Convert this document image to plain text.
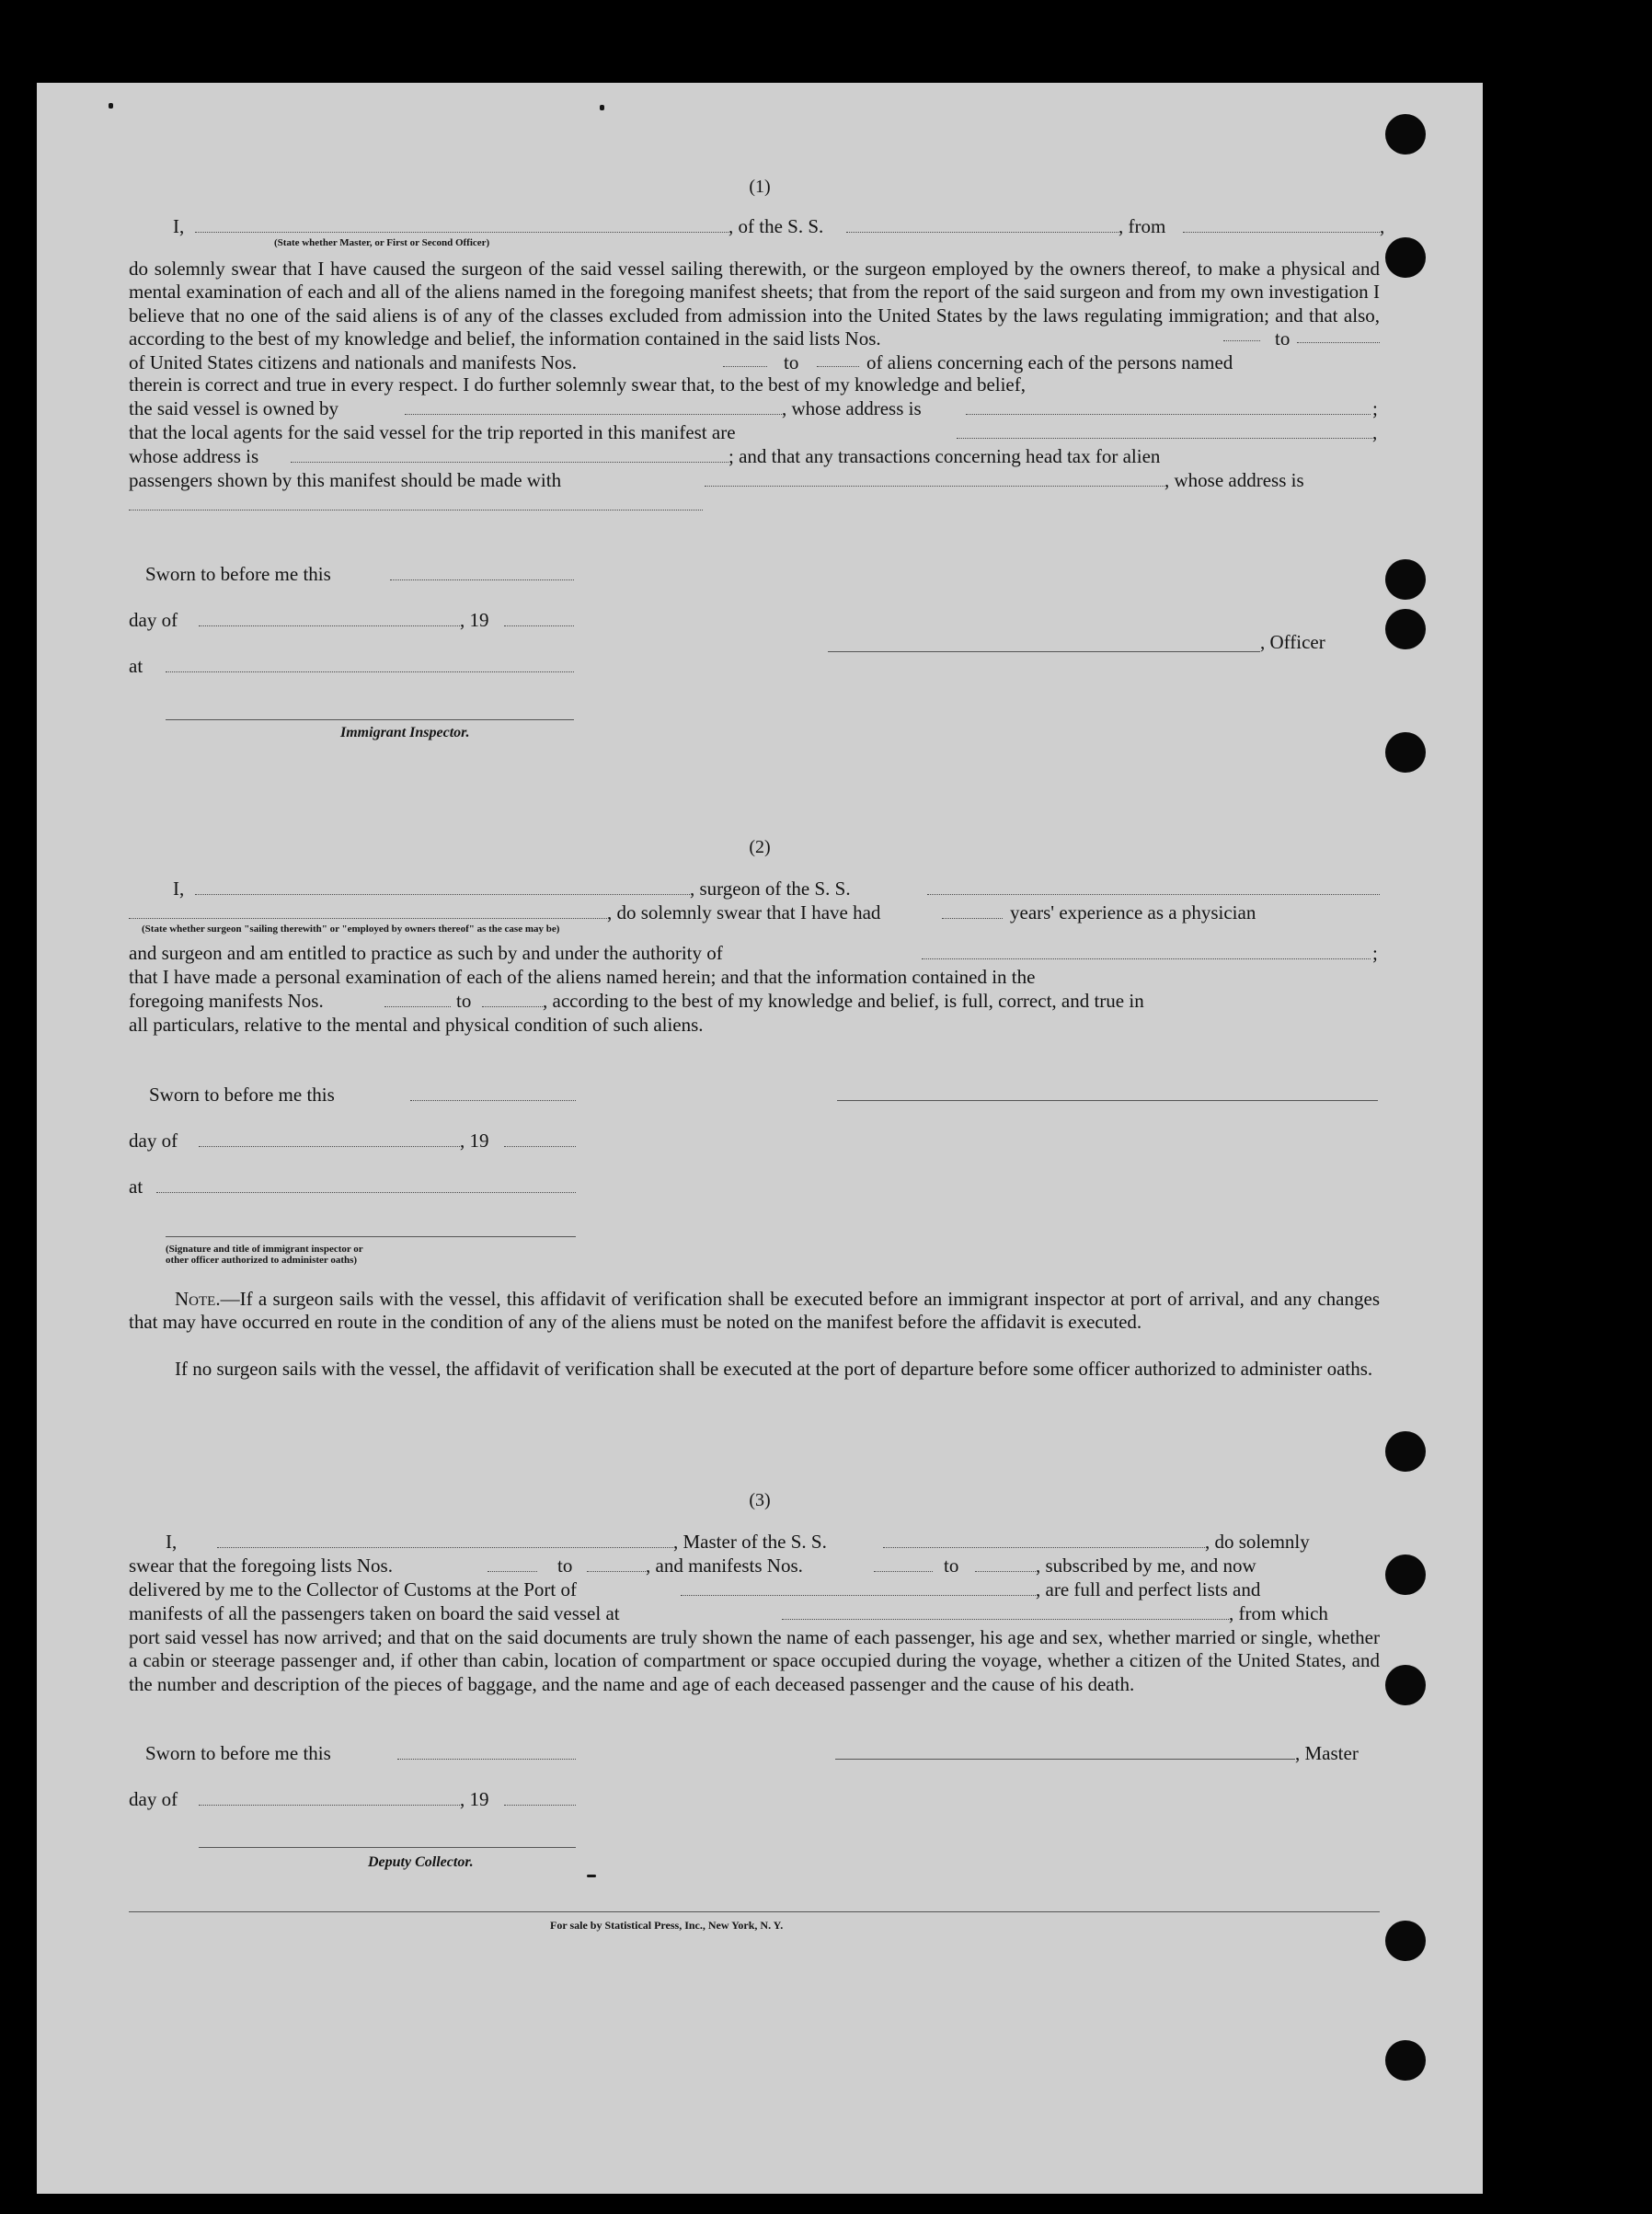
(1)
I,	, of the S. S.	, from	,
(State whether Master, or First or Second Officer)

do solemnly swear that I have caused the surgeon of the said vessel sailing therewith, or the surgeon employed by the owners thereof, to make a physical and mental examination of each and all of the aliens named in the foregoing manifest sheets; that from the report of the said surgeon and from my own investigation I believe that no one of the said aliens is of any of the classes excluded from admission into the United States by the laws regulating immigration; and that also, according to the best of my knowledge and belief, the information contained in the said lists Nos.	to
of United States citizens and nationals and manifests Nos.	to	of aliens concerning each of the persons named
therein is correct and true in every respect. I do further solemnly swear that, to the best of my knowledge and belief,
the said vessel is owned by	, whose address is	;
that the local agents for the said vessel for the trip reported in this manifest are	,
whose address is	; and that any transactions concerning head tax for alien
passengers shown by this manifest should be made with	, whose address is
Sworn to before me this
day of	, 19
at
, Officer
Immigrant Inspector.
(2)
I,	, surgeon of the S. S.
, do solemnly swear that I have had	years' experience as a physician
(State whether surgeon "sailing therewith" or "employed by owners thereof" as the case may be)
and surgeon and am entitled to practice as such by and under the authority of	;
that I have made a personal examination of each of the aliens named herein; and that the information contained in the
foregoing manifests Nos.	to	, according to the best of my knowledge and belief, is full, correct, and true in
all particulars, relative to the mental and physical condition of such aliens.
Sworn to before me this
day of	, 19
at
(Signature and title of immigrant inspector or
other officer authorized to administer oaths)

Note.—If a surgeon sails with the vessel, this affidavit of verification shall be executed before an immigrant inspector at port of arrival, and any changes that may have occurred en route in the condition of any of the aliens must be noted on the manifest before the affidavit is executed.

If no surgeon sails with the vessel, the affidavit of verification shall be executed at the port of departure before some officer authorized to administer oaths.

(3)
I,	, Master of the S. S.	, do solemnly
swear that the foregoing lists Nos.	to	, and manifests Nos.	to	, subscribed by me, and now
delivered by me to the Collector of Customs at the Port of	, are full and perfect lists and
manifests of all the passengers taken on board the said vessel at	, from which

port said vessel has now arrived; and that on the said documents are truly shown the name of each passenger, his age and sex, whether married or single, whether a cabin or steerage passenger and, if other than cabin, location of compartment or space occupied during the voyage, whether a citizen of the United States, and the number and description of the pieces of baggage, and the name and age of each deceased passenger and the cause of his death.

Sworn to before me this	, Master
day of	, 19
Deputy Collector.
For sale by Statistical Press, Inc., New York, N. Y.
